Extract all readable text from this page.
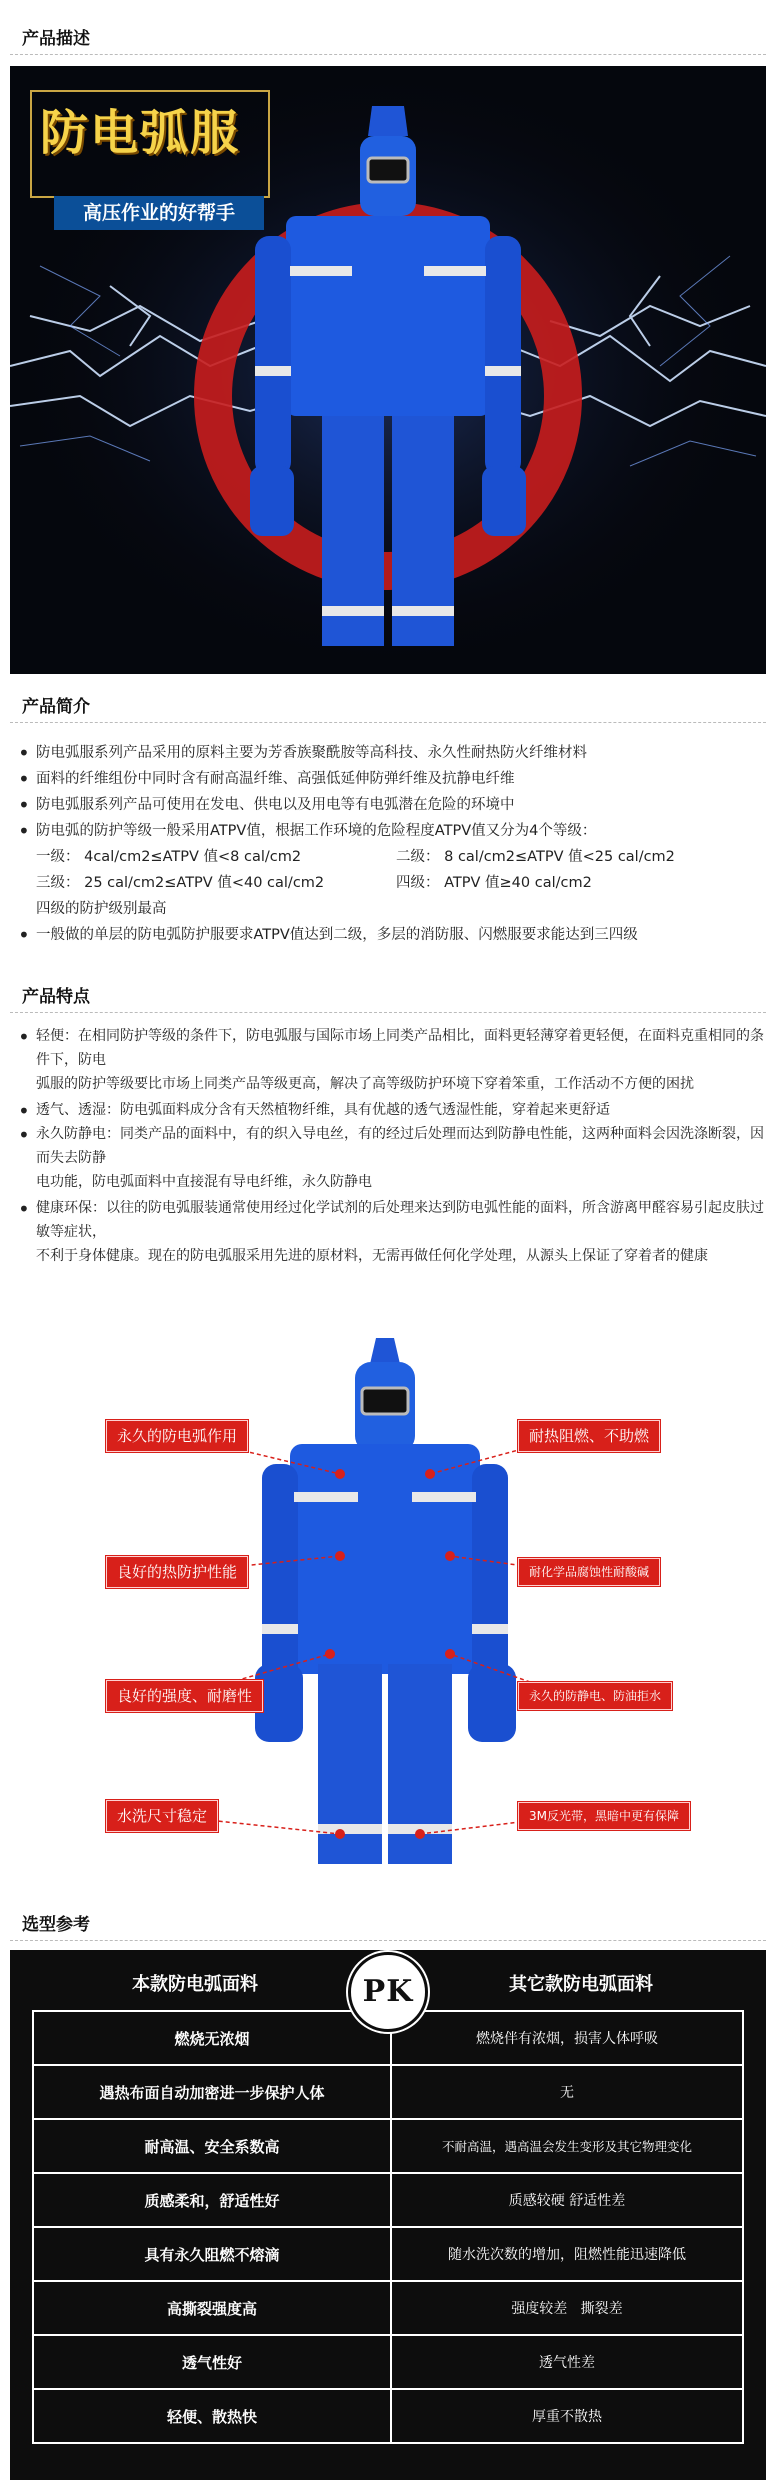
产品描述
防电弧服
高压作业的好帮手
产品简介
• 防电弧服系列产品采用的原料主要为芳香族聚酰胺等高科技、永久性耐热防火纤维材料
• 面料的纤维组份中同时含有耐高温纤维、高强低延伸防弹纤维及抗静电纤维
• 防电弧服系列产品可使用在发电、供电以及用电等有电弧潜在危险的环境中
• 防电弧的防护等级一般采用ATPV值，根据工作环境的危险程度ATPV值又分为4个等级：
一级： 4cal/cm2≤ATPV 值<8 cal/cm2	二级： 8 cal/cm2≤ATPV 值<25 cal/cm2
三级： 25 cal/cm2≤ATPV 值<40 cal/cm2	四级： ATPV 值≥40 cal/cm2
四级的防护级别最高
• 一般做的单层的防电弧防护服要求ATPV值达到二级，多层的消防服、闪燃服要求能达到三四级
产品特点
• 轻便：在相同防护等级的条件下，防电弧服与国际市场上同类产品相比，面料更轻薄穿着更轻便，在面料克重相同的条件下，防电
弧服的防护等级要比市场上同类产品等级更高，解决了高等级防护环境下穿着笨重，工作活动不方便的困扰
• 透气、透湿：防电弧面料成分含有天然植物纤维，具有优越的透气透湿性能，穿着起来更舒适
• 永久防静电：同类产品的面料中，有的织入导电丝，有的经过后处理而达到防静电性能，这两种面料会因洗涤断裂，因而失去防静
电功能，防电弧面料中直接混有导电纤维，永久防静电
• 健康环保：以往的防电弧服装通常使用经过化学试剂的后处理来达到防电弧性能的面料，所含游离甲醛容易引起皮肤过敏等症状，
不利于身体健康。现在的防电弧服采用先进的原材料，无需再做任何化学处理，从源头上保证了穿着者的健康
永久的防电弧作用
良好的热防护性能
良好的强度、耐磨性
水洗尺寸稳定
耐热阻燃、不助燃
耐化学品腐蚀性耐酸碱
永久的防静电、防油拒水
3M反光带，黑暗中更有保障
选型参考
本款防电弧面料	其它款防电弧面料
燃烧无浓烟	燃烧伴有浓烟，损害人体呼吸
遇热布面自动加密进一步保护人体	无
耐高温、安全系数高	不耐高温，遇高温会发生变形及其它物理变化
质感柔和，舒适性好	质感较硬 舒适性差
具有永久阻燃不熔滴	随水洗次数的增加，阻燃性能迅速降低
高撕裂强度高	强度较差   撕裂差
透气性好	透气性差
轻便、散热快	厚重不散热
PK
